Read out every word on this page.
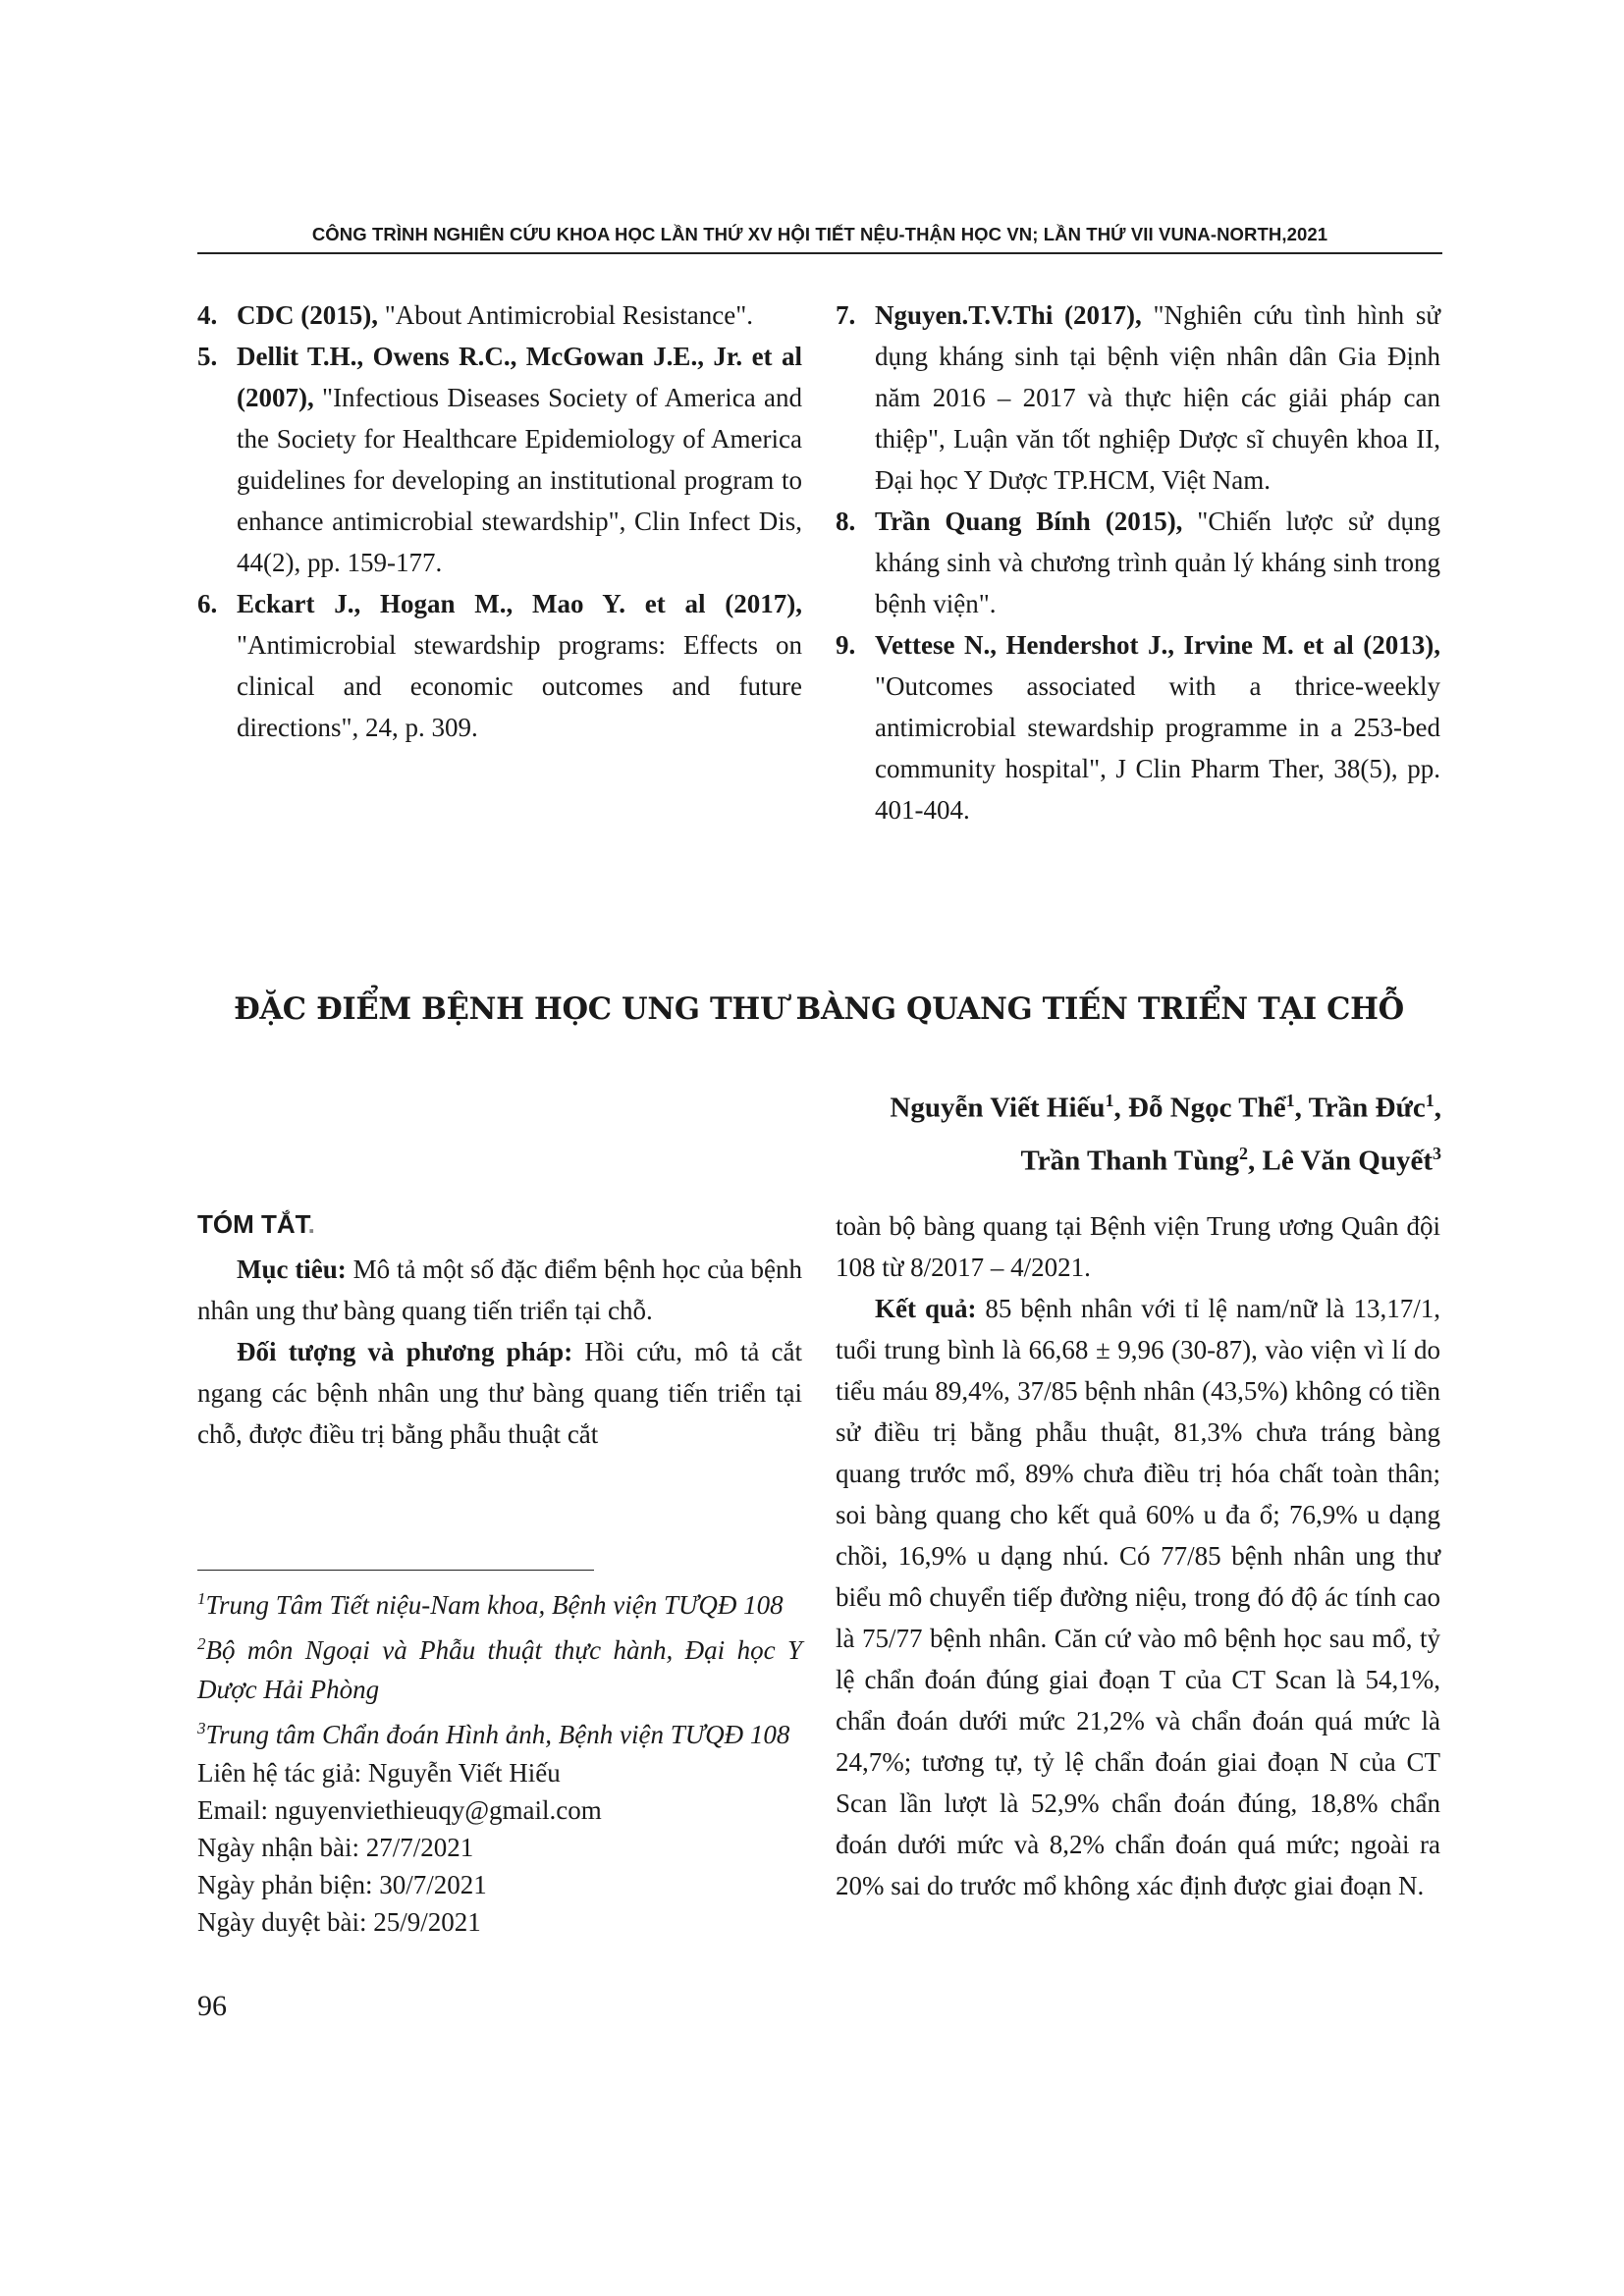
CÔNG TRÌNH NGHIÊN CỨU KHOA HỌC LẦN THỨ XV HỘI TIẾT NỆU-THẬN HỌC VN; LẦN THỨ VII VUNA-NORTH,2021
4. CDC (2015), "About Antimicrobial Resistance".
5. Dellit T.H., Owens R.C., McGowan J.E., Jr. et al (2007), "Infectious Diseases Society of America and the Society for Healthcare Epidemiology of America guidelines for developing an institutional program to enhance antimicrobial stewardship", Clin Infect Dis, 44(2), pp. 159-177.
6. Eckart J., Hogan M., Mao Y. et al (2017), "Antimicrobial stewardship programs: Effects on clinical and economic outcomes and future directions", 24, p. 309.
7. Nguyen.T.V.Thi (2017), "Nghiên cứu tình hình sử dụng kháng sinh tại bệnh viện nhân dân Gia Định năm 2016 – 2017 và thực hiện các giải pháp can thiệp", Luận văn tốt nghiệp Dược sĩ chuyên khoa II, Đại học Y Dược TP.HCM, Việt Nam.
8. Trần Quang Bính (2015), "Chiến lược sử dụng kháng sinh và chương trình quản lý kháng sinh trong bệnh viện".
9. Vettese N., Hendershot J., Irvine M. et al (2013), "Outcomes associated with a thrice-weekly antimicrobial stewardship programme in a 253-bed community hospital", J Clin Pharm Ther, 38(5), pp. 401-404.
ĐẶC ĐIỂM BỆNH HỌC UNG THƯ BÀNG QUANG TIẾN TRIỂN TẠI CHỖ
Nguyễn Viết Hiếu$^1$, Đỗ Ngọc Thể$^1$, Trần Đức$^1$,
Trần Thanh Tùng$^2$, Lê Văn Quyết$^3$
TÓM TẮT.

Mục tiêu: Mô tả một số đặc điểm bệnh học của bệnh nhân ung thư bàng quang tiến triển tại chỗ.

Đối tượng và phương pháp: Hồi cứu, mô tả cắt ngang các bệnh nhân ung thư bàng quang tiến triển tại chỗ, được điều trị bằng phẫu thuật cắt

toàn bộ bàng quang tại Bệnh viện Trung ương Quân đội 108 từ 8/2017 – 4/2021.

Kết quả: 85 bệnh nhân với tỉ lệ nam/nữ là 13,17/1, tuổi trung bình là 66,68 ± 9,96 (30-87), vào viện vì lí do tiểu máu 89,4%, 37/85 bệnh nhân (43,5%) không có tiền sử điều trị bằng phẫu thuật, 81,3% chưa tráng bàng quang trước mổ, 89% chưa điều trị hóa chất toàn thân; soi bàng quang cho kết quả 60% u đa ổ; 76,9% u dạng chồi, 16,9% u dạng nhú. Có 77/85 bệnh nhân ung thư biểu mô chuyển tiếp đường niệu, trong đó độ ác tính cao là 75/77 bệnh nhân. Căn cứ vào mô bệnh học sau mổ, tỷ lệ chẩn đoán đúng giai đoạn T của CT Scan là 54,1%, chẩn đoán dưới mức 21,2% và chẩn đoán quá mức là 24,7%; tương tự, tỷ lệ chẩn đoán giai đoạn N của CT Scan lần lượt là 52,9% chẩn đoán đúng, 18,8% chẩn đoán dưới mức và 8,2% chẩn đoán quá mức; ngoài ra 20% sai do trước mổ không xác định được giai đoạn N.

$^1$Trung Tâm Tiết niệu-Nam khoa, Bệnh viện TƯQĐ 108
$^2$Bộ môn Ngoại và Phẫu thuật thực hành, Đại học Y Dược Hải Phòng
$^3$Trung tâm Chẩn đoán Hình ảnh, Bệnh viện TƯQĐ 108
Liên hệ tác giả: Nguyễn Viết Hiếu
Email: nguyenviethieuqy@gmail.com
Ngày nhận bài: 27/7/2021
Ngày phản biện: 30/7/2021
Ngày duyệt bài: 25/9/2021
96
